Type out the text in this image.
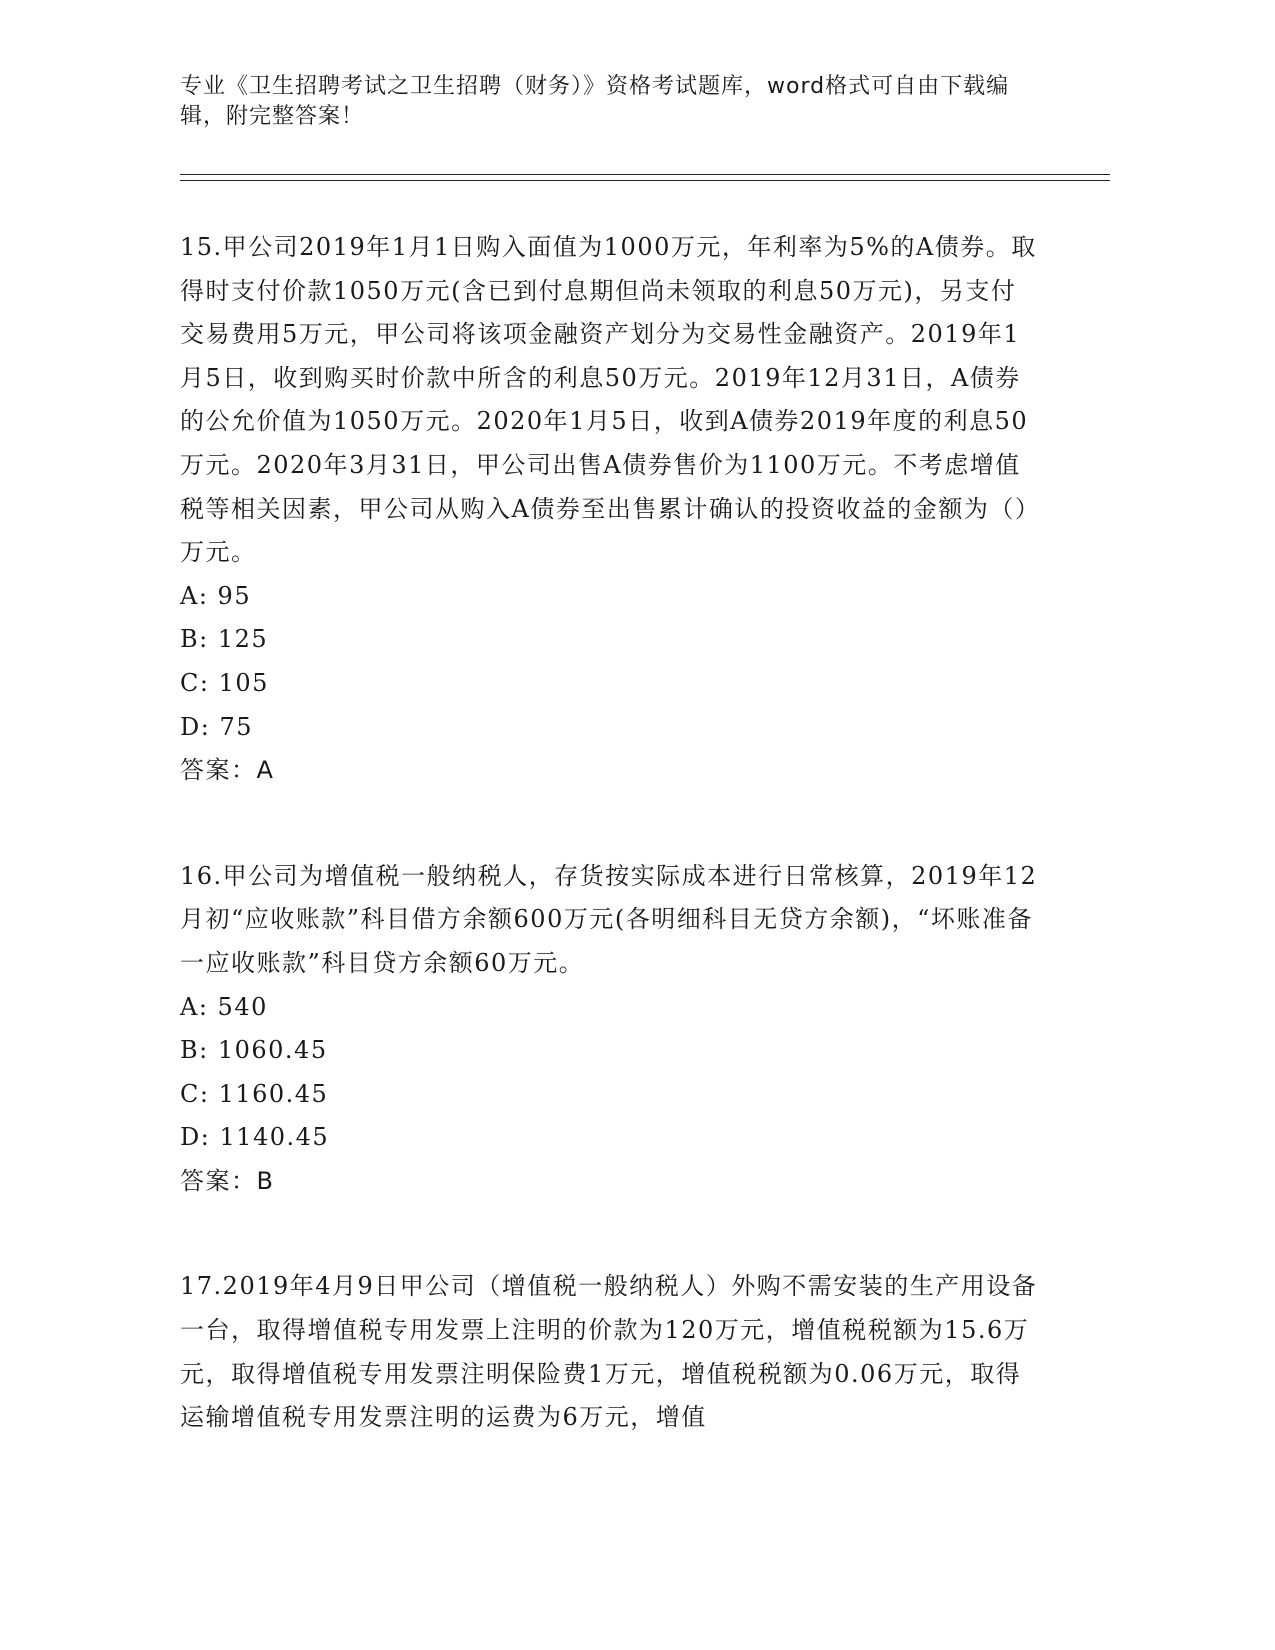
专业《卫生招聘考试之卫生招聘（财务）》资格考试题库，word格式可自由下载编辑，附完整答案！

15.甲公司2019年1月1日购入面值为1000万元，年利率为5%的A债券。取得时支付价款1050万元(含已到付息期但尚未领取的利息50万元)，另支付交易费用5万元，甲公司将该项金融资产划分为交易性金融资产。2019年1月5日，收到购买时价款中所含的利息50万元。2019年12月31日，A债券的公允价值为1050万元。2020年1月5日，收到A债券2019年度的利息50万元。2020年3月31日，甲公司出售A债券售价为1100万元。不考虑增值税等相关因素，甲公司从购入A债券至出售累计确认的投资收益的金额为（）万元。

A: 95
B: 125
C: 105
D: 75
答案：A

16.甲公司为增值税一般纳税人，存货按实际成本进行日常核算，2019年12月初“应收账款”科目借方余额600万元(各明细科目无贷方余额)，“坏账准备一应收账款”科目贷方余额60万元。

A: 540
B: 1060.45
C: 1160.45
D: 1140.45
答案：B

17.2019年4月9日甲公司（增值税一般纳税人）外购不需安装的生产用设备一台，取得增值税专用发票上注明的价款为120万元，增值税税额为15.6万元，取得增值税专用发票注明保险费1万元，增值税税额为0.06万元，取得运输增值税专用发票注明的运费为6万元，增值
